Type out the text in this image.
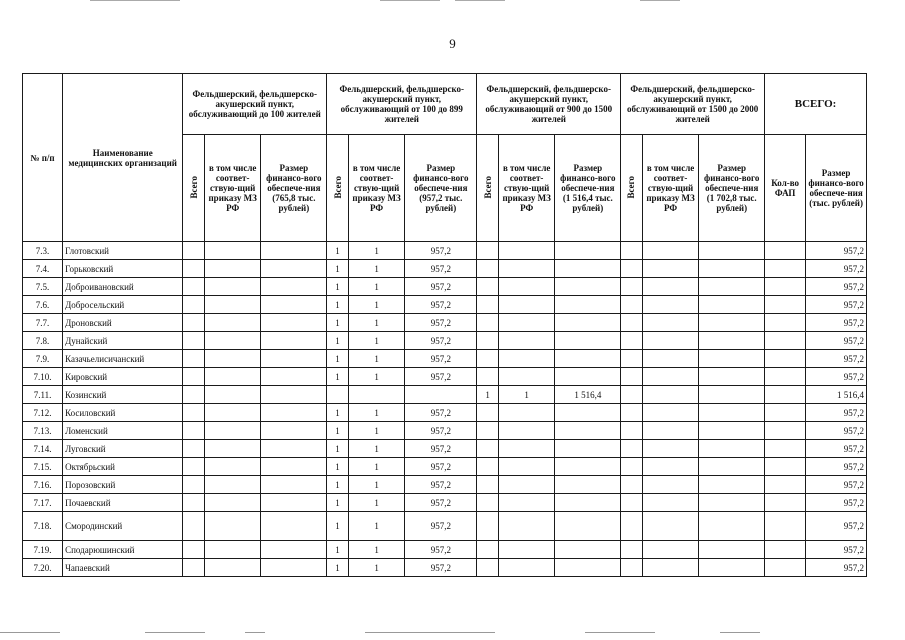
9
№ п/п	Наименование медицинских организаций	Фельдшерский, фельдшерско-акушерский пункт, обслуживающий до 100 жителей			Фельдшерский, фельдшерско-акушерский пункт, обслуживающий от 100 до 899 жителей			Фельдшерский, фельдшерско-акушерский пункт, обслуживающий от 900 до 1500 жителей			Фельдшерский, фельдшерско-акушерский пункт, обслуживающий от 1500 до 2000 жителей			ВСЕГО:	
		Всего	в том числе соответ-ствую-щий приказу МЗ РФ	Размер финансо-вого обеспече-ния (765,8 тыс. рублей)	Всего	в том числе соответ-ствую-щий приказу МЗ РФ	Размер финансо-вого обеспече-ния (957,2 тыс. рублей)	Всего	в том числе соответ-ствую-щий приказу МЗ РФ	Размер финансо-вого обеспече-ния (1 516,4 тыс. рублей)	Всего	в том числе соответ-ствую-щий приказу МЗ РФ	Размер финансо-вого обеспече-ния (1 702,8 тыс. рублей)	Кол-во ФАП	Размер финансо-вого обеспече-ния (тыс. рублей)
7.3.	Глотовский				1	1	957,2								957,2
7.4.	Горьковский				1	1	957,2								957,2
7.5.	Доброивановский				1	1	957,2								957,2
7.6.	Добросельский				1	1	957,2								957,2
7.7.	Дроновский				1	1	957,2								957,2
7.8.	Дунайский				1	1	957,2								957,2
7.9.	Казачьелисичанский				1	1	957,2								957,2
7.10.	Кировский				1	1	957,2								957,2
7.11.	Козинский							1	1	1 516,4					1 516,4
7.12.	Косиловский				1	1	957,2								957,2
7.13.	Ломенский				1	1	957,2								957,2
7.14.	Луговский				1	1	957,2								957,2
7.15.	Октябрьский				1	1	957,2								957,2
7.16.	Порозовский				1	1	957,2								957,2
7.17.	Почаевский				1	1	957,2								957,2
7.18.	Смородинский				1	1	957,2								957,2
7.19.	Сподарюшинский				1	1	957,2								957,2
7.20.	Чапаевский				1	1	957,2								957,2
